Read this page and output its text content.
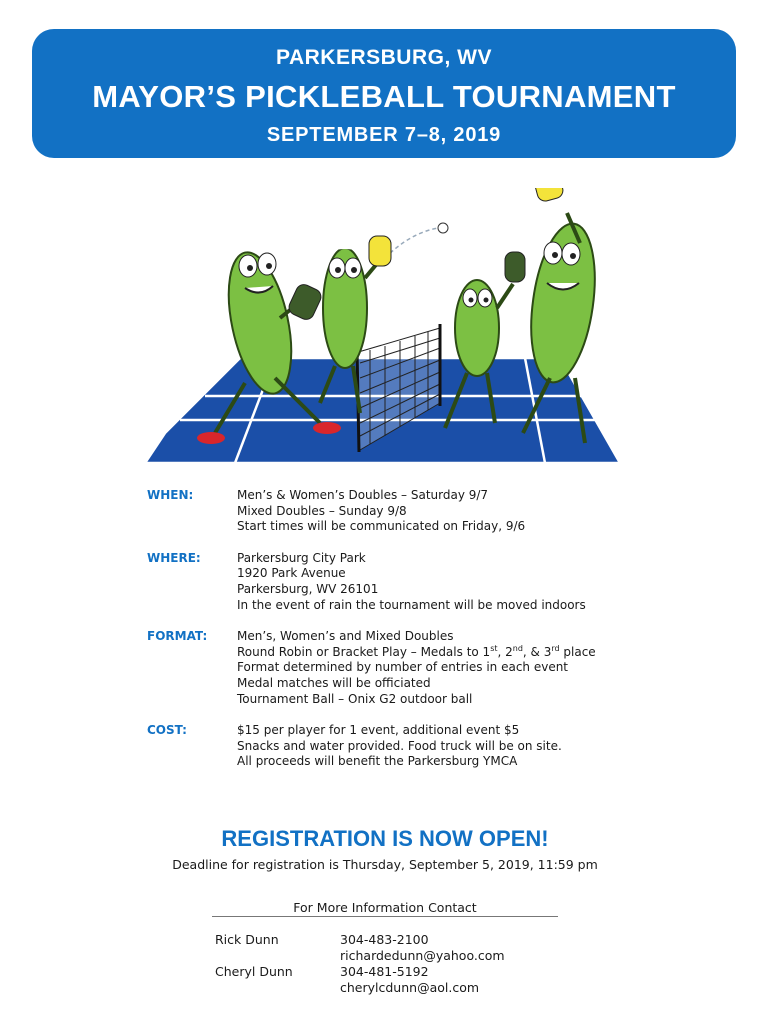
PARKERSBURG, WV
MAYOR’S PICKLEBALL TOURNAMENT
SEPTEMBER 7–8, 2019
WHEN:	Men’s & Women’s Doubles – Saturday 9/7
Mixed Doubles – Sunday 9/8
Start times will be communicated on Friday, 9/6
WHERE:	Parkersburg City Park
1920 Park Avenue
Parkersburg, WV 26101
In the event of rain the tournament will be moved indoors
FORMAT: Men’s, Women’s and Mixed Doubles
Round Robin or Bracket Play – Medals to 1st, 2nd, & 3rd place
Format determined by number of entries in each event
Medal matches will be officiated
Tournament Ball – Onix G2 outdoor ball
COST:	$15 per player for 1 event, additional event $5
Snacks and water provided. Food truck will be on site.
All proceeds will benefit the Parkersburg YMCA
REGISTRATION IS NOW OPEN!
Deadline for registration is Thursday, September 5, 2019, 11:59 pm
For More Information Contact
Rick Dunn	304-483-2100
richardedunn@yahoo.com
Cheryl Dunn	304-481-5192
cherylcdunn@aol.com
